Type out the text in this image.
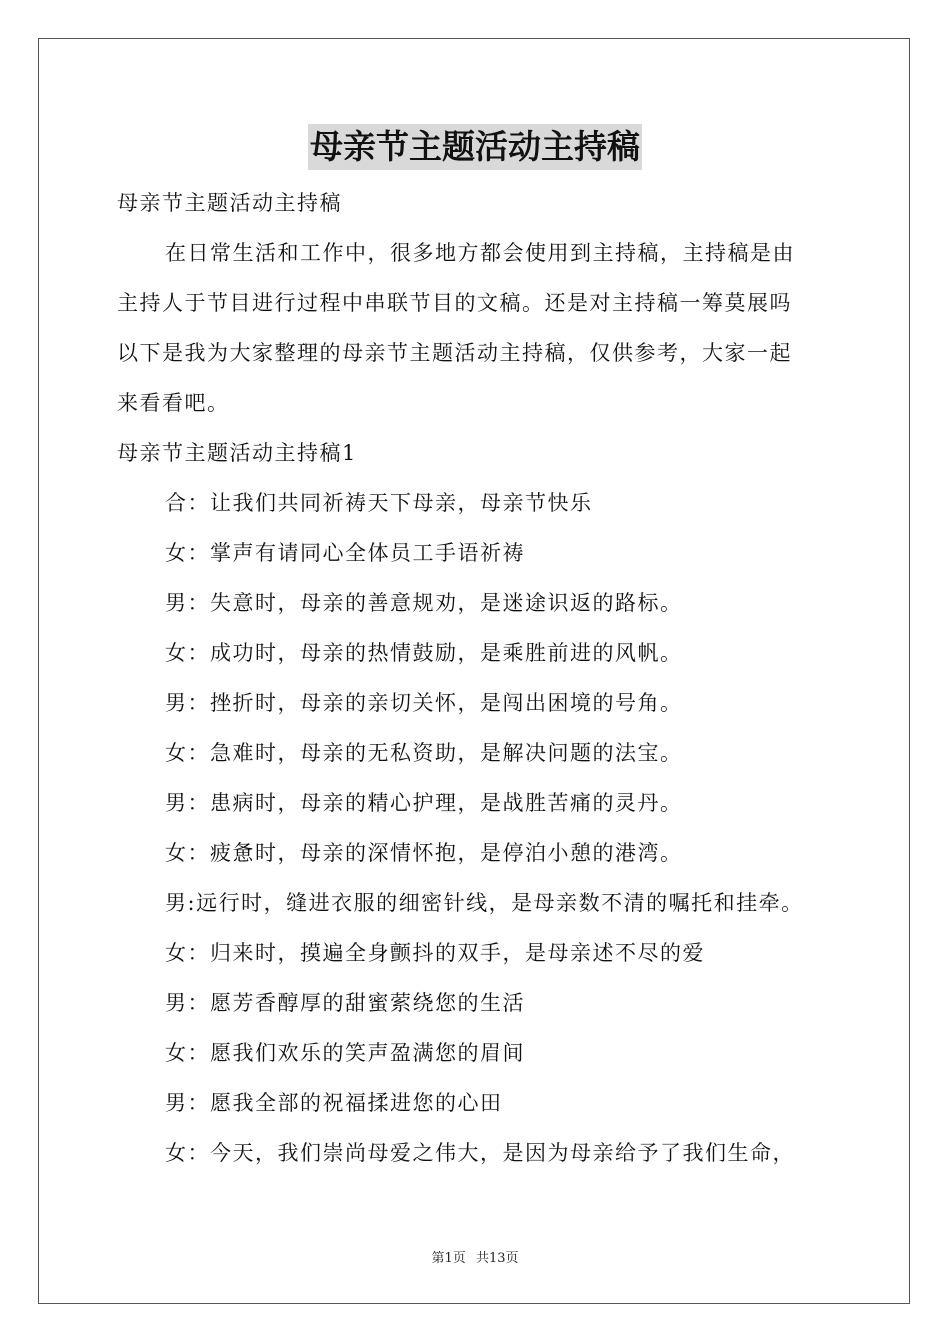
母亲节主题活动主持稿
母亲节主题活动主持稿
在日常生活和工作中，很多地方都会使用到主持稿，主持稿是由
主持人于节目进行过程中串联节目的文稿。还是对主持稿一筹莫展吗
以下是我为大家整理的母亲节主题活动主持稿，仅供参考，大家一起
来看看吧。
母亲节主题活动主持稿1
合：让我们共同祈祷天下母亲，母亲节快乐
女：掌声有请同心全体员工手语祈祷
男：失意时，母亲的善意规劝，是迷途识返的路标。
女：成功时，母亲的热情鼓励，是乘胜前进的风帆。
男：挫折时，母亲的亲切关怀，是闯出困境的号角。
女：急难时，母亲的无私资助，是解决问题的法宝。
男：患病时，母亲的精心护理，是战胜苦痛的灵丹。
女：疲惫时，母亲的深情怀抱，是停泊小憩的港湾。
男:远行时，缝进衣服的细密针线，是母亲数不清的嘱托和挂牵。
女：归来时，摸遍全身颤抖的双手，是母亲述不尽的爱
男：愿芳香醇厚的甜蜜萦绕您的生活
女：愿我们欢乐的笑声盈满您的眉间
男：愿我全部的祝福揉进您的心田
女：今天，我们崇尚母爱之伟大，是因为母亲给予了我们生命，
第1页 共13页
